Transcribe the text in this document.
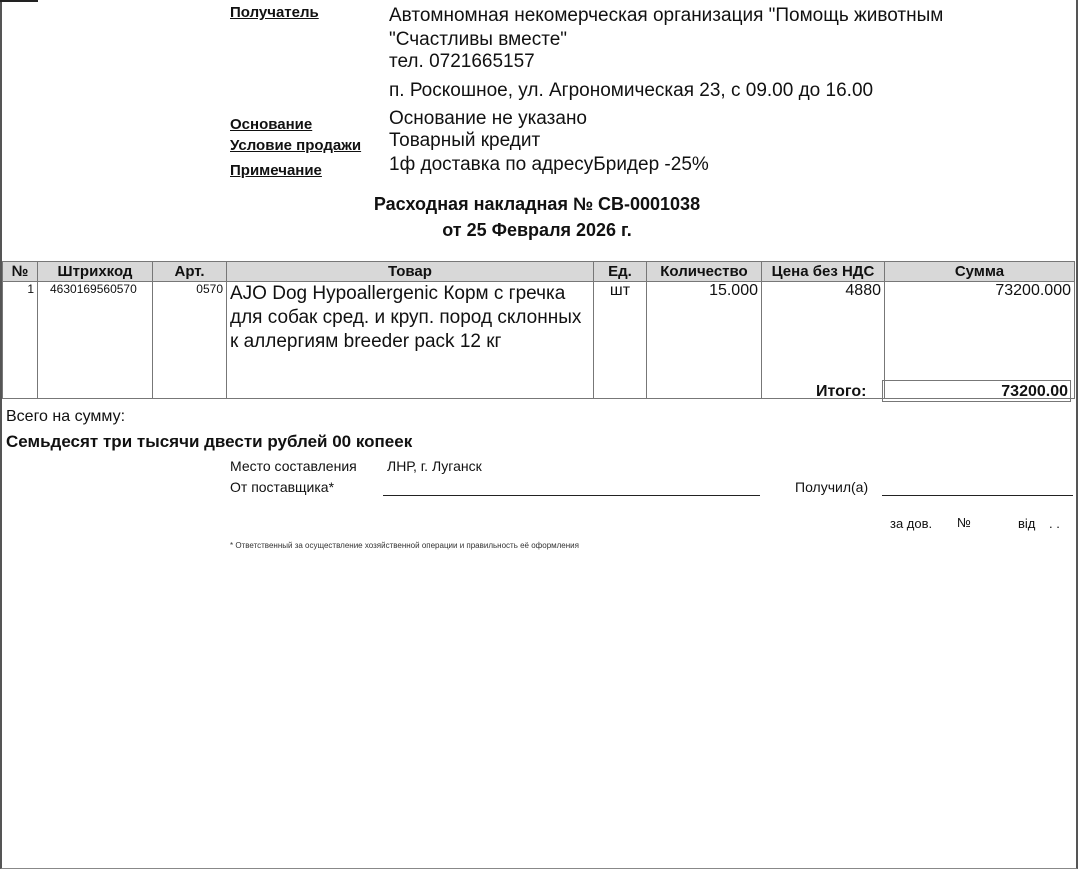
Получатель	Автомномная некомерческая организация "Помощь животным
"Счастливы вместе"
тел. 0721665157
п. Роскошное, ул. Агрономическая 23, с 09.00 до 16.00
Основание	Основание не указано
Условие продажи Товарный кредит
Примечание	1ф доставка по адресуБридер -25%
Расходная накладная № СВ-0001038
от 25 Февраля 2026 г.
№	Штрихкод	Арт.	Товар	Ед.	Количество	Цена без НДС	Сумма
1	4630169560570	0570	AJO Dog Hypoallergenic Корм с гречка для собак сред. и круп. пород склонных к аллергиям breeder pack 12 кг	шт	15.000	4880	73200.000
Итого:	73200.00
Всего на сумму:
Семьдесят три тысячи двести рублей 00 копеек
Место составления ЛНР, г. Луганск
От поставщика*	Получил(а)
за дов. №	від . .
* Ответственный за осуществление хозяйственной операции и правильность её оформления
